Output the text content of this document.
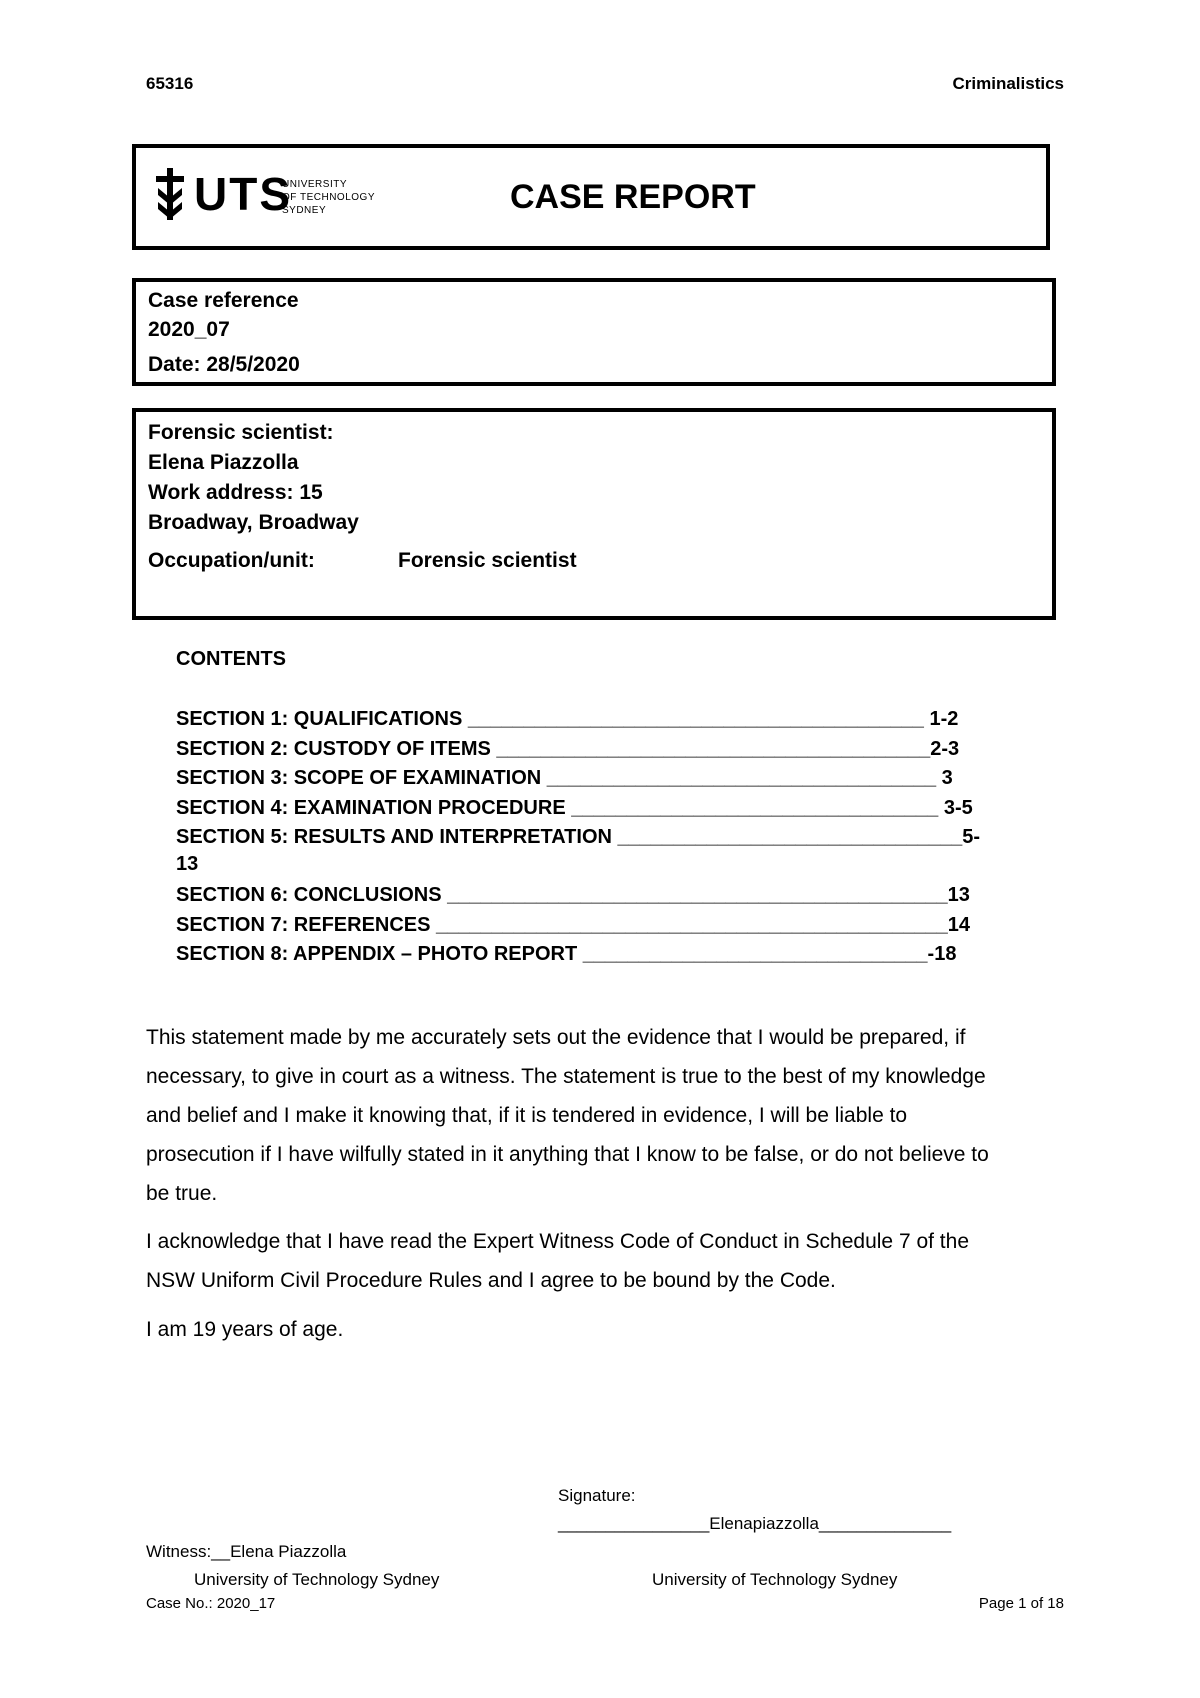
65316	Criminalistics
UTS
UNIVERSITY
OF TECHNOLOGY
SYDNEY	CASE REPORT
Case reference
2020_07
Date: 28/5/2020
Forensic scientist:
Elena Piazzolla
Work address: 15
Broadway, Broadway
Occupation/unit:	Forensic scientist
CONTENTS
SECTION 1: QUALIFICATIONS _________________________________________ 1-2
SECTION 2: CUSTODY OF ITEMS _______________________________________2-3
SECTION 3: SCOPE OF EXAMINATION ___________________________________ 3
SECTION 4: EXAMINATION PROCEDURE _________________________________ 3-5
SECTION 5: RESULTS AND INTERPRETATION _______________________________5-
13
SECTION 6: CONCLUSIONS _____________________________________________13
SECTION 7: REFERENCES ______________________________________________14
SECTION 8: APPENDIX – PHOTO REPORT _______________________________-18
This statement made by me accurately sets out the evidence that I would be prepared, if
necessary, to give in court as a witness. The statement is true to the best of my knowledge
and belief and I make it knowing that, if it is tendered in evidence, I will be liable to
prosecution if I have wilfully stated in it anything that I know to be false, or do not believe to
be true.
I acknowledge that I have read the Expert Witness Code of Conduct in Schedule 7 of the
NSW Uniform Civil Procedure Rules and I agree to be bound by the Code.
I am 19 years of age.
Signature:
________________Elenapiazzolla______________
Witness:__Elena Piazzolla
University of Technology Sydney	University of Technology Sydney
Case No.: 2020_17	Page 1 of 18
